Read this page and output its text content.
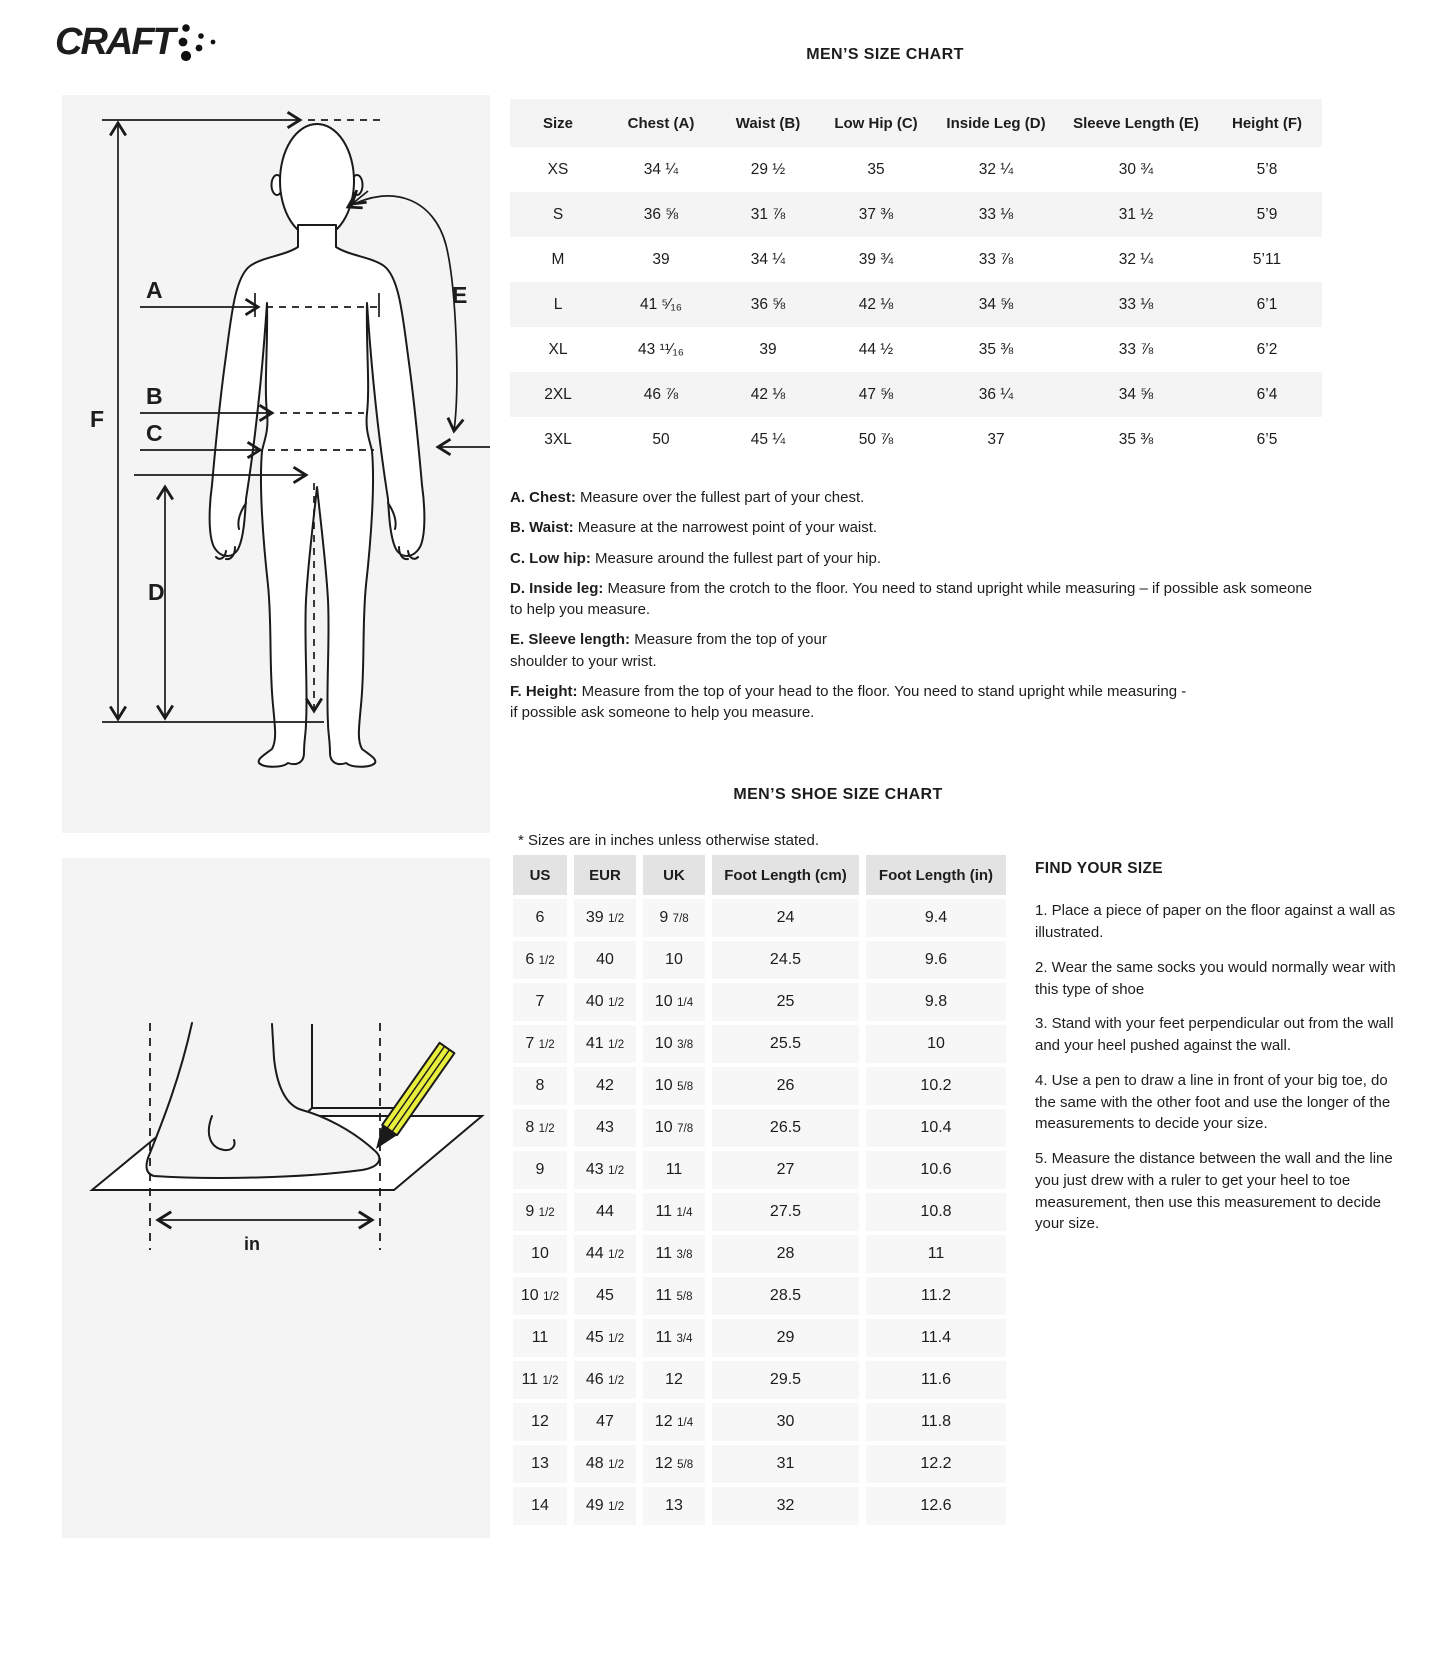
CRAFT	MEN’S SIZE CHART
A
B
C
D
E
F
Size	Chest (A)	Waist (B)	Low Hip (C)	Inside Leg (D)	Sleeve Length (E)	Height (F)
XS	34 ¼	29 ½	35	32 ¼	30 ¾	5’8
S	36 ⅝	31 ⅞	37 ⅜	33 ⅛	31 ½	5’9
M	39	34 ¼	39 ¾	33 ⅞	32 ¼	5’11
L	41 ⁵⁄₁₆	36 ⅝	42 ⅛	34 ⅝	33 ⅛	6’1
XL	43 ¹¹⁄₁₆	39	44 ½	35 ⅜	33 ⅞	6’2
2XL	46 ⅞	42 ⅛	47 ⅝	36 ¼	34 ⅝	6’4
3XL	50	45 ¼	50 ⅞	37	35 ⅜	6’5

A. Chest: Measure over the fullest part of your chest.

B. Waist: Measure at the narrowest point of your waist.

C. Low hip: Measure around the fullest part of your hip.

D. Inside leg: Measure from the crotch to the floor. You need to stand upright while measuring – if possible ask someone
to help you measure.

E. Sleeve length: Measure from the top of your
shoulder to your wrist.

F. Height: Measure from the top of your head to the floor. You need to stand upright while measuring -
if possible ask someone to help you measure.

MEN’S SHOE SIZE CHART
* Sizes are in inches unless otherwise stated.
in
US	EUR	UK	Foot Length (cm)	Foot Length (in)
6	39 1/2	9 7/8	24	9.4
6 1/2	40	10	24.5	9.6
7	40 1/2	10 1/4	25	9.8
7 1/2	41 1/2	10 3/8	25.5	10
8	42	10 5/8	26	10.2
8 1/2	43	10 7/8	26.5	10.4
9	43 1/2	11	27	10.6
9 1/2	44	11 1/4	27.5	10.8
10	44 1/2	11 3/8	28	11
10 1/2	45	11 5/8	28.5	11.2
11	45 1/2	11 3/4	29	11.4
11 1/2	46 1/2	12	29.5	11.6
12	47	12 1/4	30	11.8
13	48 1/2	12 5/8	31	12.2
14	49 1/2	13	32	12.6
FIND YOUR SIZE

1. Place a piece of paper on the floor against a wall as illustrated.

2. Wear the same socks you would normally wear with this type of shoe

3. Stand with your feet perpendicular out from the wall and your heel pushed against the wall.

4. Use a pen to draw a line in front of your big toe, do the same with the other foot and use the longer of the measurements to decide your size.

5. Measure the distance between the wall and the line you just drew with a ruler to get your heel to toe measurement, then use this measurement to decide your size.
